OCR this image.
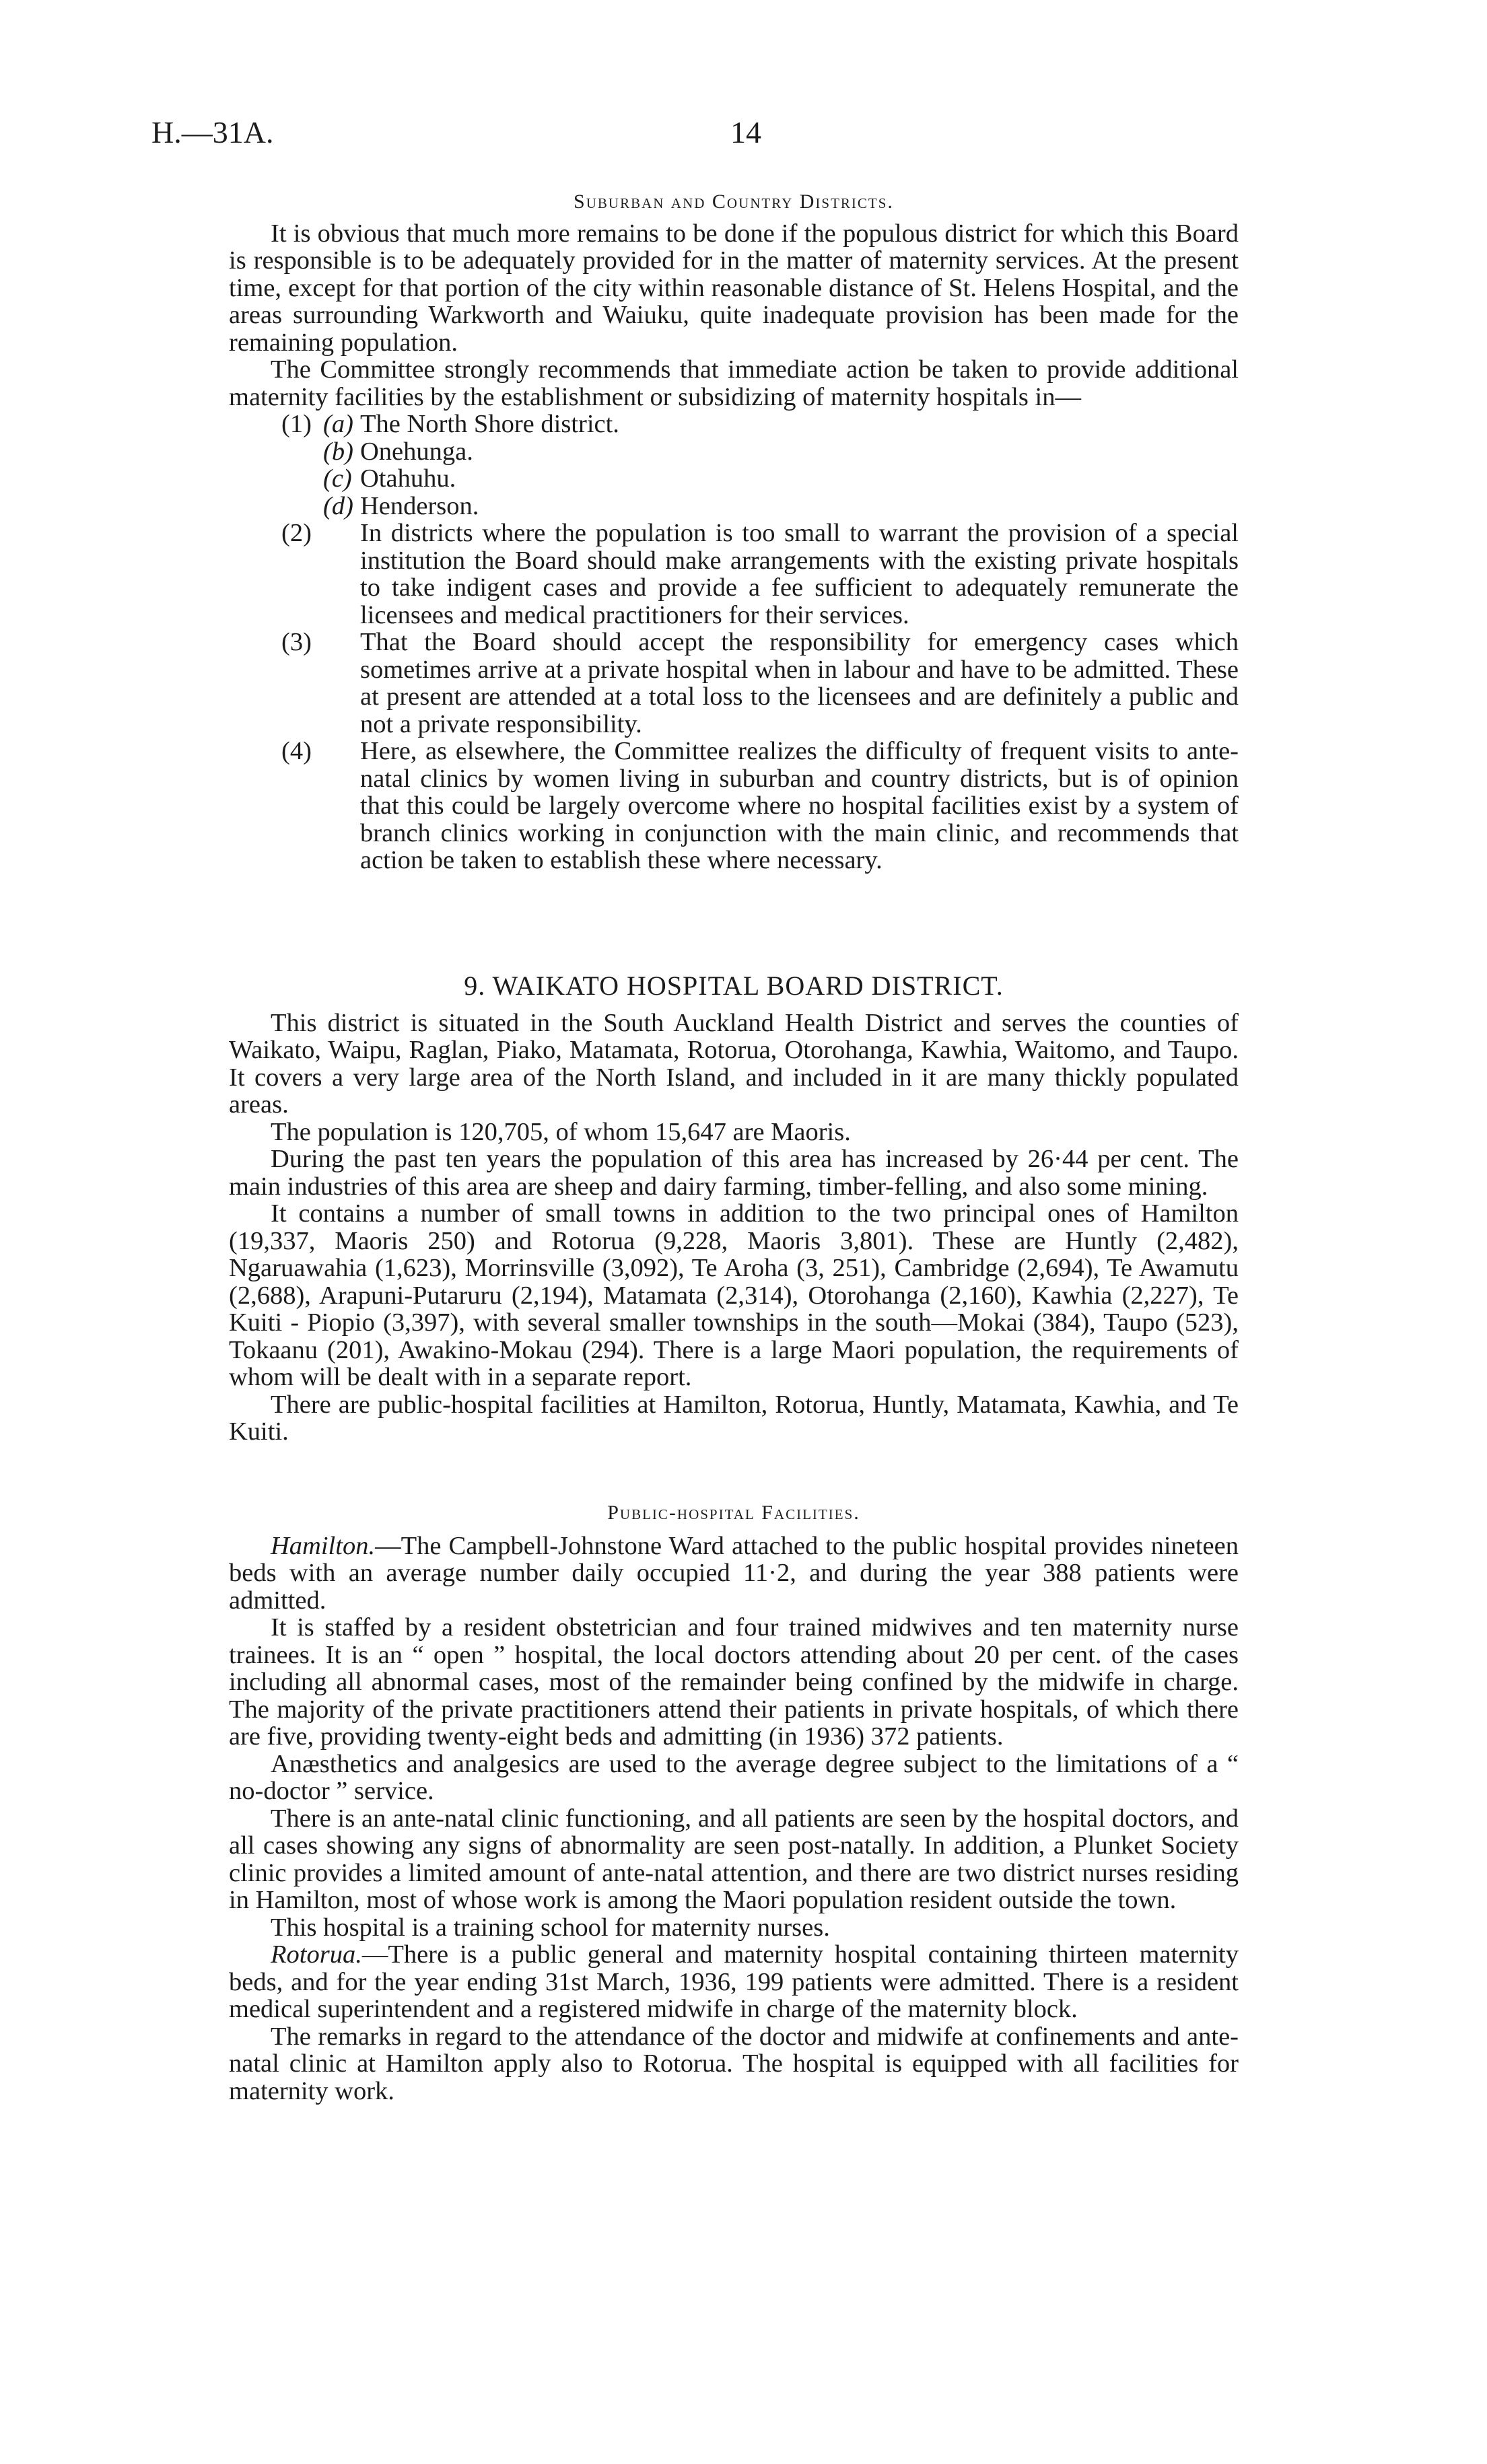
H.—31A.	14

Suburban and Country Districts.

It is obvious that much more remains to be done if the populous district for which this Board is responsible is to be adequately provided for in the matter of maternity services. At the present time, except for that portion of the city within reasonable distance of St. Helens Hospital, and the areas surrounding Warkworth and Waiuku, quite inadequate provision has been made for the remaining population.

The Committee strongly recommends that immediate action be taken to provide additional maternity facilities by the establishment or subsidizing of maternity hospitals in—

(1) (a) The North Shore district.
(b) Onehunga.
(c) Otahuhu.
(d) Henderson.
(2) In districts where the population is too small to warrant the provision of a special institution the Board should make arrangements with the existing private hospitals to take indigent cases and provide a fee sufficient to adequately remunerate the licensees and medical practitioners for their services.
(3) That the Board should accept the responsibility for emergency cases which sometimes arrive at a private hospital when in labour and have to be admitted. These at present are attended at a total loss to the licensees and are definitely a public and not a private responsibility.
(4) Here, as elsewhere, the Committee realizes the difficulty of frequent visits to ante-natal clinics by women living in suburban and country districts, but is of opinion that this could be largely overcome where no hospital facilities exist by a system of branch clinics working in conjunction with the main clinic, and recommends that action be taken to establish these where necessary.

9. WAIKATO HOSPITAL BOARD DISTRICT.

This district is situated in the South Auckland Health District and serves the counties of Waikato, Waipu, Raglan, Piako, Matamata, Rotorua, Otorohanga, Kawhia, Waitomo, and Taupo. It covers a very large area of the North Island, and included in it are many thickly populated areas.

The population is 120,705, of whom 15,647 are Maoris.

During the past ten years the population of this area has increased by 26·44 per cent. The main industries of this area are sheep and dairy farming, timber-felling, and also some mining.

It contains a number of small towns in addition to the two principal ones of Hamilton (19,337, Maoris 250) and Rotorua (9,228, Maoris 3,801). These are Huntly (2,482), Ngaruawahia (1,623), Morrinsville (3,092), Te Aroha (3, 251), Cambridge (2,694), Te Awamutu (2,688), Arapuni-Putaruru (2,194), Matamata (2,314), Otorohanga (2,160), Kawhia (2,227), Te Kuiti - Piopio (3,397), with several smaller townships in the south—Mokai (384), Taupo (523), Tokaanu (201), Awakino-Mokau (294). There is a large Maori population, the requirements of whom will be dealt with in a separate report.

There are public-hospital facilities at Hamilton, Rotorua, Huntly, Matamata, Kawhia, and Te Kuiti.

Public-hospital Facilities.

Hamilton.—The Campbell-Johnstone Ward attached to the public hospital provides nineteen beds with an average number daily occupied 11·2, and during the year 388 patients were admitted.

It is staffed by a resident obstetrician and four trained midwives and ten maternity nurse trainees. It is an “ open ” hospital, the local doctors attending about 20 per cent. of the cases including all abnormal cases, most of the remainder being confined by the midwife in charge. The majority of the private practitioners attend their patients in private hospitals, of which there are five, providing twenty-eight beds and admitting (in 1936) 372 patients.

Anæsthetics and analgesics are used to the average degree subject to the limitations of a “ no-doctor ” service.

There is an ante-natal clinic functioning, and all patients are seen by the hospital doctors, and all cases showing any signs of abnormality are seen post-natally. In addition, a Plunket Society clinic provides a limited amount of ante-natal attention, and there are two district nurses residing in Hamilton, most of whose work is among the Maori population resident outside the town.

This hospital is a training school for maternity nurses.

Rotorua.—There is a public general and maternity hospital containing thirteen maternity beds, and for the year ending 31st March, 1936, 199 patients were admitted. There is a resident medical superintendent and a registered midwife in charge of the maternity block.

The remarks in regard to the attendance of the doctor and midwife at confinements and ante-natal clinic at Hamilton apply also to Rotorua. The hospital is equipped with all facilities for maternity work.
